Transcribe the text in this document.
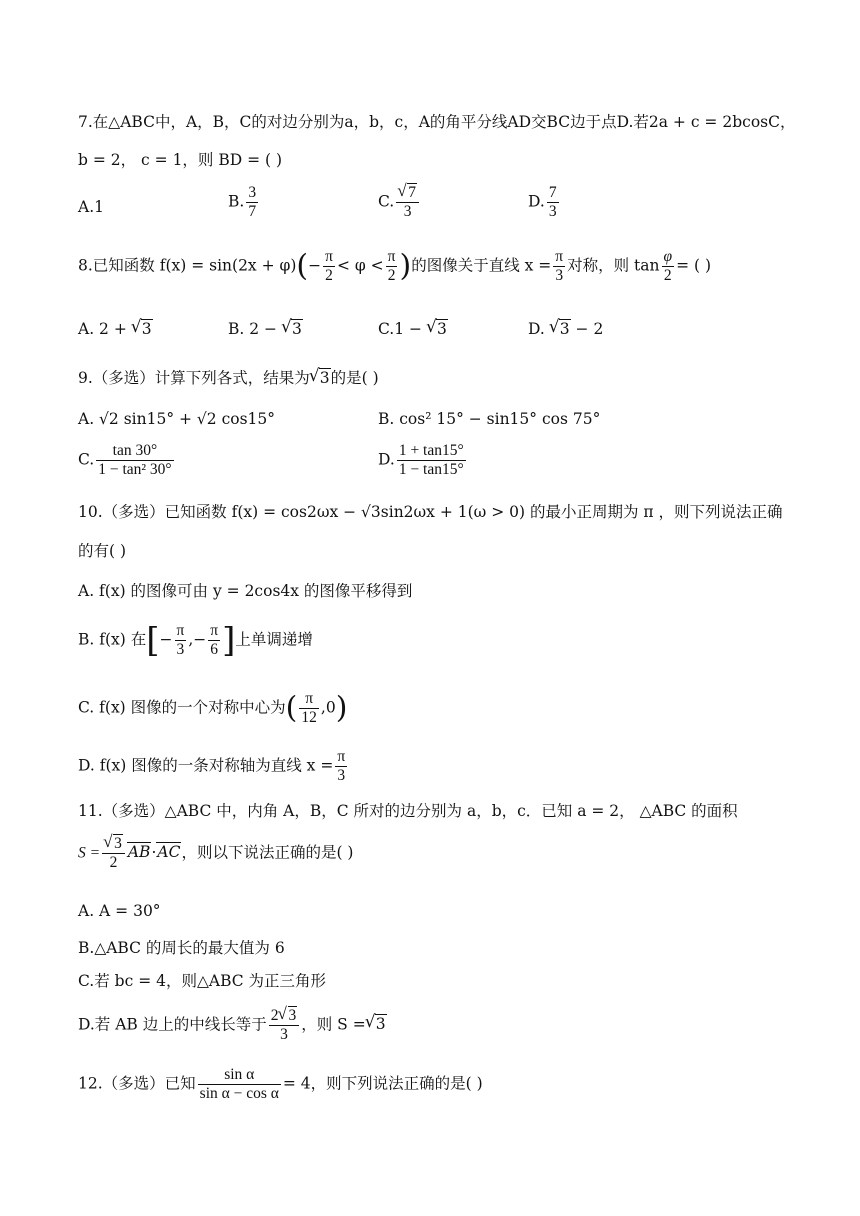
7.在△ABC中，A，B，C的对边分别为a，b，c，A的角平分线AD交BC边于点D.若2a + c = 2bcosC，
b = 2， c = 1，则 BD = ( )
A.1	B. $\frac{3}{7}$	C. √ $\frac{7}{3}$	D. $\frac{7}{3}$
8.已知函数 $f(x) = \sin(2x + \varphi)(- \frac{\pi}{2} < \varphi < \frac{\pi}{2}$ )的图像关于直线 $x = \frac{\pi}{3}$ 对称，则 $\tan \frac{\varphi}{2}$ = ( )
A. 2 + √ 3	B. 2 − √ 3	C.1 − √ 3	D. √ 3 − 2
9.（多选）计算下列各式，结果为 √ 3的是( )
A. √2 sin15° + √2 cos15°	B. cos² 15° − sin15° cos 75°
C. $\frac{\tan 30^\circ}{\text{1 − tan² 30°}}$	D. $\frac{1 + \tan 15^\circ}{1 - \tan 15^\circ}$
10.（多选）已知函数 f(x) = cos2ωx − √3sin2ωx + 1(ω > 0) 的最小正周期为 π ，则下列说法正确
的有( )
A. f(x) 的图像可由 y = 2cos4x 的图像平移得到
B. f(x) 在[− $\frac{\pi}{3}$ ,− $\frac{\pi}{6}$ ]上单调递增
C. f(x) 图像的一个对称中心为( $\frac{\pi}{12} ,0$)
D. f(x) 图像的一条对称轴为直线 $x = \frac{\pi}{3}$
11.（多选）△ABC 中，内角 A，B，C 所对的边分别为 a，b，c．已知 a = 2， △ABC 的面积
S = √ $\frac{3}{2} AB\cdot AC$，则以下说法正确的是( )
A. A = 30°
B.△ABC 的周长的最大值为 6
C.若 bc = 4，则△ABC 为正三角形
D.若 AB 边上的中线长等于 $\frac{2 √ 3}{3}$ ，则 S = √ 3
12.（多选）已知 $\frac{\text{sin α}}{\text{sin α − cos α}} = 4$，则下列说法正确的是( )
